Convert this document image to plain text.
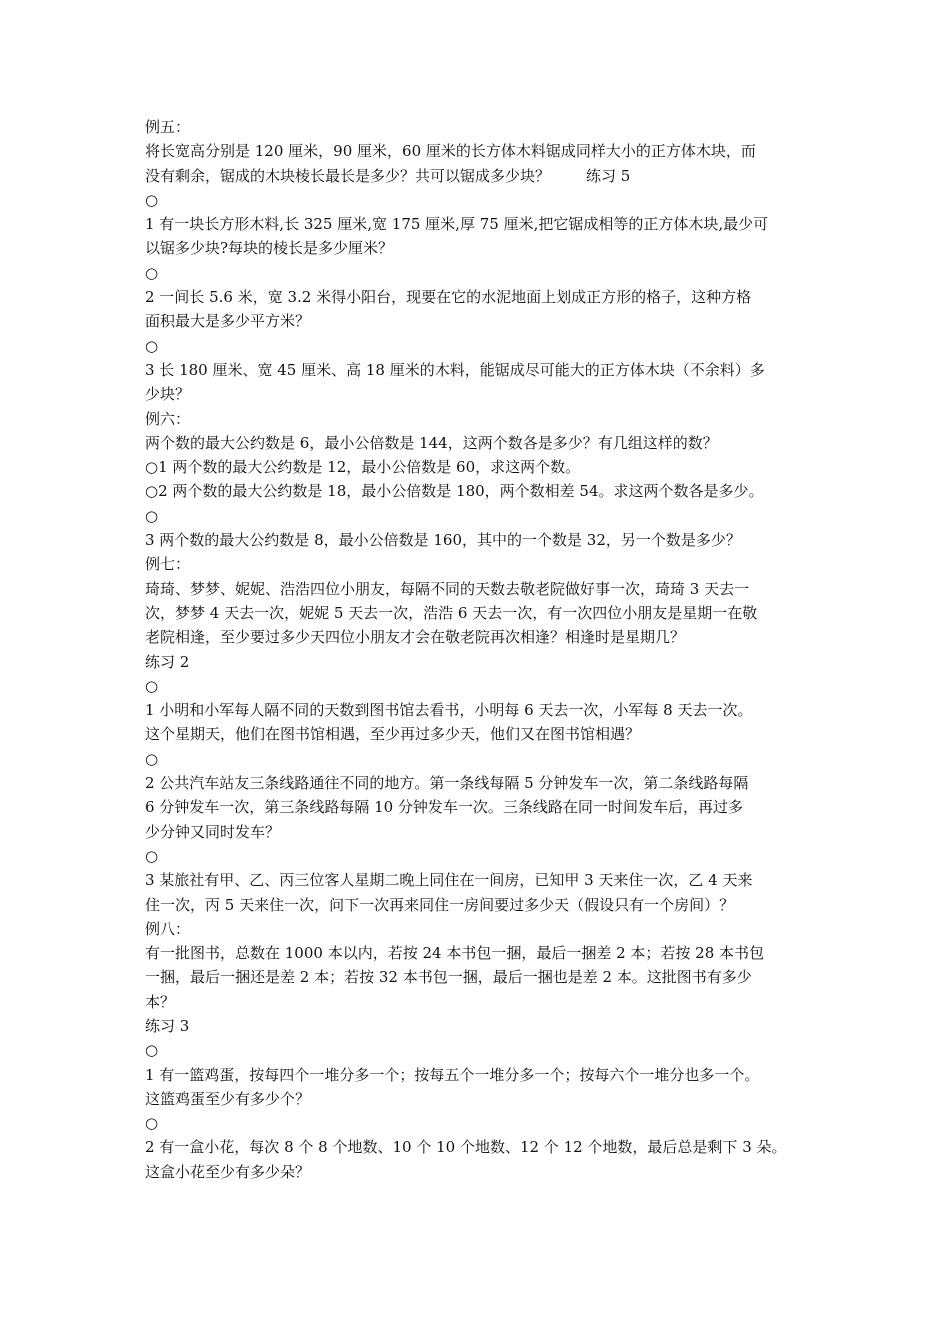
例五：

将长宽高分别是 120 厘米，90 厘米，60 厘米的长方体木料锯成同样大小的正方体木块，而

没有剩余，锯成的木块棱长最长是多少？共可以锯成多少块？ 练习 5

○

1 有一块长方形木料,长 325 厘米,宽 175 厘米,厚 75 厘米,把它锯成相等的正方体木块,最少可

以锯多少块?每块的棱长是多少厘米？

○

2 一间长 5.6 米，宽 3.2 米得小阳台，现要在它的水泥地面上划成正方形的格子，这种方格

面积最大是多少平方米？

○

3 长 180 厘米、宽 45 厘米、高 18 厘米的木料，能锯成尽可能大的正方体木块（不余料）多

少块？

例六：

两个数的最大公约数是 6，最小公倍数是 144，这两个数各是多少？有几组这样的数？

○1 两个数的最大公约数是 12，最小公倍数是 60，求这两个数。

○2 两个数的最大公约数是 18，最小公倍数是 180，两个数相差 54。求这两个数各是多少。

○

3 两个数的最大公约数是 8，最小公倍数是 160，其中的一个数是 32，另一个数是多少？

例七：

琦琦、梦梦、妮妮、浩浩四位小朋友，每隔不同的天数去敬老院做好事一次，琦琦 3 天去一

次，梦梦 4 天去一次，妮妮 5 天去一次，浩浩 6 天去一次，有一次四位小朋友是星期一在敬

老院相逢，至少要过多少天四位小朋友才会在敬老院再次相逢？相逢时是星期几？

练习 2

○

1 小明和小军每人隔不同的天数到图书馆去看书，小明每 6 天去一次，小军每 8 天去一次。

这个星期天，他们在图书馆相遇，至少再过多少天，他们又在图书馆相遇？

○

2 公共汽车站友三条线路通往不同的地方。第一条线每隔 5 分钟发车一次，第二条线路每隔

6 分钟发车一次，第三条线路每隔 10 分钟发车一次。三条线路在同一时间发车后，再过多

少分钟又同时发车？

○

3 某旅社有甲、乙、丙三位客人星期二晚上同住在一间房，已知甲 3 天来住一次，乙 4 天来

住一次，丙 5 天来住一次，问下一次再来同住一房间要过多少天（假设只有一个房间）？

例八：

有一批图书，总数在 1000 本以内，若按 24 本书包一捆，最后一捆差 2 本；若按 28 本书包

一捆，最后一捆还是差 2 本；若按 32 本书包一捆，最后一捆也是差 2 本。这批图书有多少

本？

练习 3

○

1 有一篮鸡蛋，按每四个一堆分多一个；按每五个一堆分多一个；按每六个一堆分也多一个。

这篮鸡蛋至少有多少个？

○

2 有一盒小花，每次 8 个 8 个地数、10 个 10 个地数、12 个 12 个地数，最后总是剩下 3 朵。

这盒小花至少有多少朵？
